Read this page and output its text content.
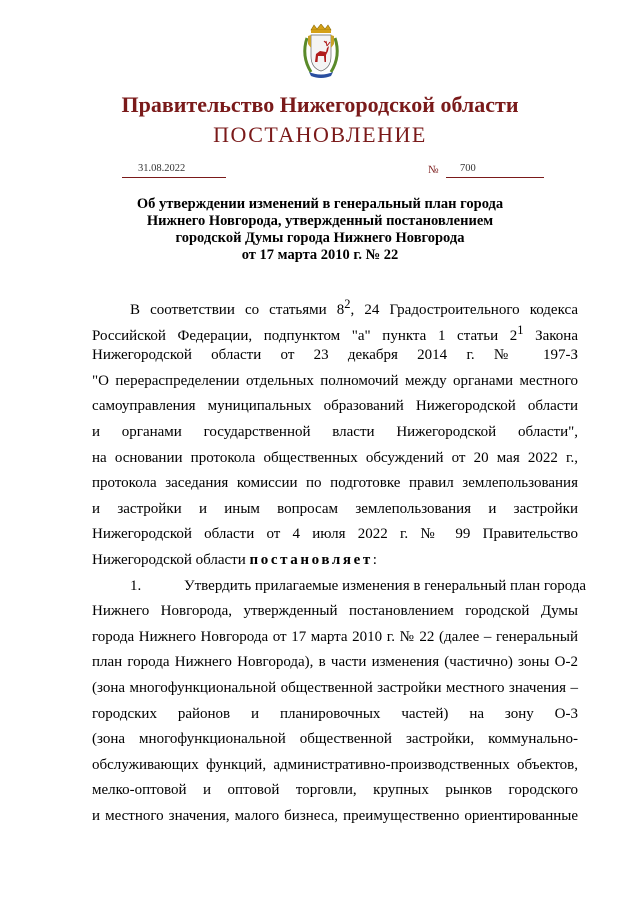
Правительство Нижегородской области
ПОСТАНОВЛЕНИЕ
31.08.2022	№ 700
Об утверждении изменений в генеральный план города
Нижнего Новгорода, утвержденный постановлением
городской Думы города Нижнего Новгорода
от 17 марта 2010 г. № 22
В соответствии со статьями $8^2$, 24 Градостроительного кодекса
Российской Федерации, подпунктом "а" пункта 1 статьи $2^1$ Закона
Нижегородской области от 23 декабря 2014 г. № 197-З
"О перераспределении отдельных полномочий между органами местного
самоуправления муниципальных образований Нижегородской области
и органами государственной власти Нижегородской области",
на основании протокола общественных обсуждений от 20 мая 2022 г.,
протокола заседания комиссии по подготовке правил землепользования
и застройки и иным вопросам землепользования и застройки
Нижегородской области от 4 июля 2022 г. № 99 Правительство
Нижегородской области постановляет:
1.	Утвердить прилагаемые изменения в генеральный план города
Нижнего Новгорода, утвержденный постановлением городской Думы
города Нижнего Новгорода от 17 марта 2010 г. № 22 (далее – генеральный
план города Нижнего Новгорода), в части изменения (частично) зоны О-2
(зона многофункциональной общественной застройки местного значения –
городских районов и планировочных частей) на зону О-3
(зона многофункциональной общественной застройки, коммунально-
обслуживающих функций, административно-производственных объектов,
мелко-оптовой и оптовой торговли, крупных рынков городского
и местного значения, малого бизнеса, преимущественно ориентированные
